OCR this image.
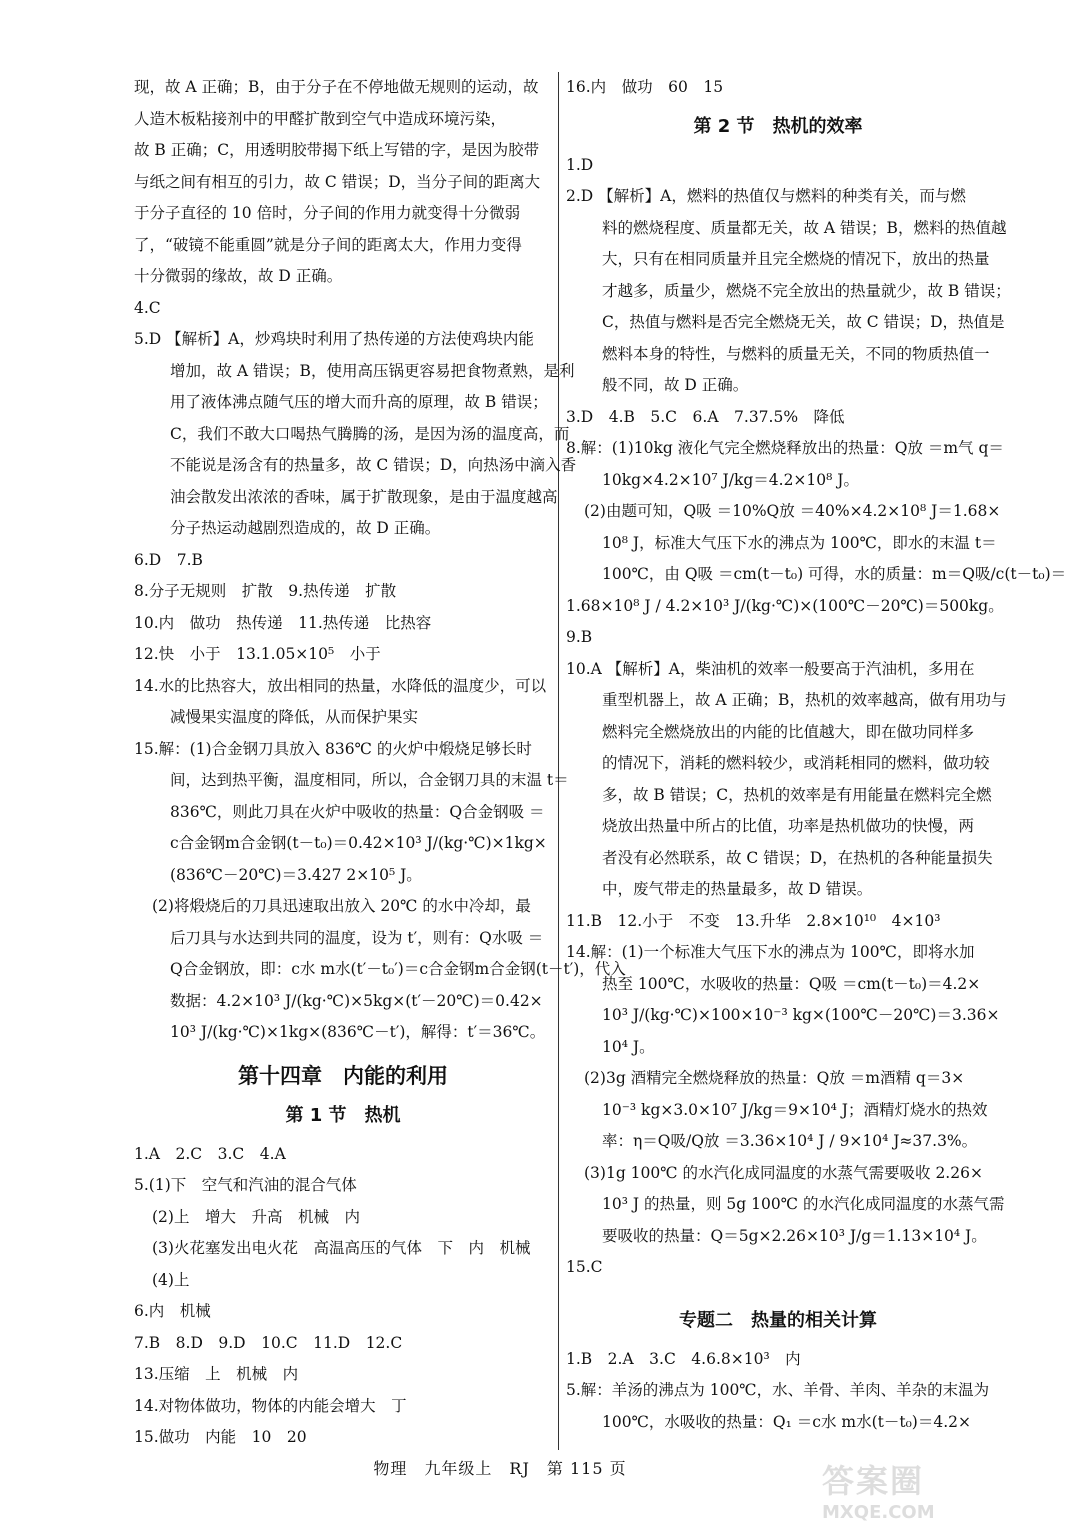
现，故 A 正确；B，由于分子在不停地做无规则的运动，故
人造木板粘接剂中的甲醛扩散到空气中造成环境污染，
故 B 正确；C，用透明胶带揭下纸上写错的字，是因为胶带
与纸之间有相互的引力，故 C 错误；D，当分子间的距离大
于分子直径的 10 倍时，分子间的作用力就变得十分微弱
了，“破镜不能重圆”就是分子间的距离太大，作用力变得
十分微弱的缘故，故 D 正确。
4.C
5.D 【解析】A，炒鸡块时利用了热传递的方法使鸡块内能
增加，故 A 错误；B，使用高压锅更容易把食物煮熟，是利
用了液体沸点随气压的增大而升高的原理，故 B 错误；
C，我们不敢大口喝热气腾腾的汤，是因为汤的温度高，而
不能说是汤含有的热量多，故 C 错误；D，向热汤中滴入香
油会散发出浓浓的香味，属于扩散现象，是由于温度越高
分子热运动越剧烈造成的，故 D 正确。
6.D　7.B
8.分子无规则　扩散　9.热传递　扩散
10.内　做功　热传递　11.热传递　比热容
12.快　小于　13.1.05×10⁵　小于
14.水的比热容大，放出相同的热量，水降低的温度少，可以
减慢果实温度的降低，从而保护果实
15.解：(1)合金钢刀具放入 836℃ 的火炉中煅烧足够长时
间，达到热平衡，温度相同，所以，合金钢刀具的末温 t＝
836℃，则此刀具在火炉中吸收的热量：Q合金钢吸 ＝
c合金钢m合金钢(t－t₀)＝0.42×10³ J/(kg·℃)×1kg×
(836℃－20℃)＝3.427 2×10⁵ J。
(2)将煅烧后的刀具迅速取出放入 20℃ 的水中冷却，最
后刀具与水达到共同的温度，设为 t′，则有：Q水吸 ＝
Q合金钢放，即：c水 m水(t′－t₀′)＝c合金钢m合金钢(t－t′)，代入
数据：4.2×10³ J/(kg·℃)×5kg×(t′－20℃)＝0.42×
10³ J/(kg·℃)×1kg×(836℃－t′)，解得：t′＝36℃。
第十四章　内能的利用
第 1 节　热机
1.A　2.C　3.C　4.A
5.(1)下　空气和汽油的混合气体
(2)上　增大　升高　机械　内
(3)火花塞发出电火花　高温高压的气体　下　内　机械
(4)上
6.内　机械
7.B　8.D　9.D　10.C　11.D　12.C
13.压缩　上　机械　内
14.对物体做功，物体的内能会增大　丁
15.做功　内能　10　20
16.内　做功　60　15
第 2 节　热机的效率
1.D
2.D 【解析】A，燃料的热值仅与燃料的种类有关，而与燃
料的燃烧程度、质量都无关，故 A 错误；B，燃料的热值越
大，只有在相同质量并且完全燃烧的情况下，放出的热量
才越多，质量少，燃烧不完全放出的热量就少，故 B 错误；
C，热值与燃料是否完全燃烧无关，故 C 错误；D，热值是
燃料本身的特性，与燃料的质量无关，不同的物质热值一
般不同，故 D 正确。
3.D　4.B　5.C　6.A　7.37.5%　降低
8.解：(1)10kg 液化气完全燃烧释放出的热量：Q放 ＝m气 q＝
10kg×4.2×10⁷ J/kg＝4.2×10⁸ J。
(2)由题可知，Q吸 ＝10%Q放 ＝40%×4.2×10⁸ J＝1.68×
10⁸ J，标准大气压下水的沸点为 100℃，即水的末温 t＝
100℃，由 Q吸 ＝cm(t－t₀) 可得，水的质量：m＝Q吸/c(t－t₀)＝
1.68×10⁸ J / 4.2×10³ J/(kg·℃)×(100℃－20℃)＝500kg。
9.B
10.A 【解析】A，柴油机的效率一般要高于汽油机，多用在
重型机器上，故 A 正确；B，热机的效率越高，做有用功与
燃料完全燃烧放出的内能的比值越大，即在做功同样多
的情况下，消耗的燃料较少，或消耗相同的燃料，做功较
多，故 B 错误；C，热机的效率是有用能量在燃料完全燃
烧放出热量中所占的比值，功率是热机做功的快慢，两
者没有必然联系，故 C 错误；D，在热机的各种能量损失
中，废气带走的热量最多，故 D 错误。
11.B　12.小于　不变　13.升华　2.8×10¹⁰　4×10³
14.解：(1)一个标准大气压下水的沸点为 100℃，即将水加
热至 100℃，水吸收的热量：Q吸 ＝cm(t－t₀)＝4.2×
10³ J/(kg·℃)×100×10⁻³ kg×(100℃－20℃)＝3.36×
10⁴ J。
(2)3g 酒精完全燃烧释放的热量：Q放 ＝m酒精 q＝3×
10⁻³ kg×3.0×10⁷ J/kg＝9×10⁴ J；酒精灯烧水的热效
率：η＝Q吸/Q放 ＝3.36×10⁴ J / 9×10⁴ J≈37.3%。
(3)1g 100℃ 的水汽化成同温度的水蒸气需要吸收 2.26×
10³ J 的热量，则 5g 100℃ 的水汽化成同温度的水蒸气需
要吸收的热量：Q＝5g×2.26×10³ J/g＝1.13×10⁴ J。
15.C
专题二　热量的相关计算
1.B　2.A　3.C　4.6.8×10³　内
5.解：羊汤的沸点为 100℃，水、羊骨、羊肉、羊杂的末温为
100℃，水吸收的热量：Q₁ ＝c水 m水(t－t₀)＝4.2×
物理　九年级上　RJ　第 115 页	答案圈
MXQE.COM
